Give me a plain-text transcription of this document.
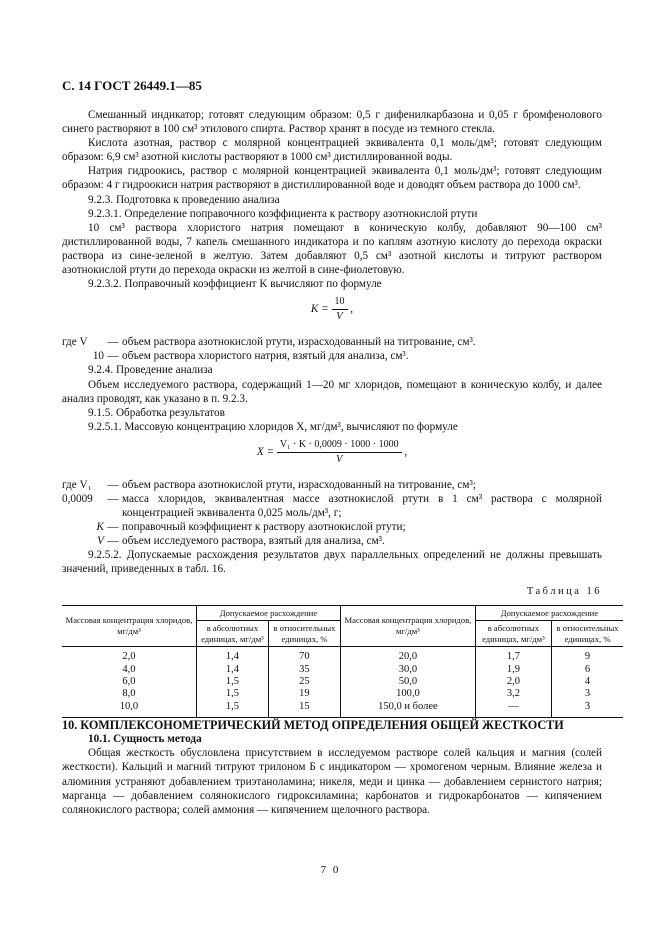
С. 14 ГОСТ 26449.1—85

Смешанный индикатор; готовят следующим образом: 0,5 г дифенилкарбазона и 0,05 г бромфенолового синего растворяют в 100 см³ этилового спирта. Раствор хранят в посуде из темного стекла.

Кислота азотная, раствор с молярной концентрацией эквивалента 0,1 моль/дм³; готовят следующим образом: 6,9 см³ азотной кислоты растворяют в 1000 см³ дистиллированной воды.

Натрия гидроокись, раствор с молярной концентрацией эквивалента 0,1 моль/дм³; готовят следующим образом: 4 г гидроокиси натрия растворяют в дистиллированной воде и доводят объем раствора до 1000 см³.

9.2.3. Подготовка к проведению анализа

9.2.3.1. Определение поправочного коэффициента к раствору азотнокислой ртути

10 см³ раствора хлористого натрия помещают в коническую колбу, добавляют 90—100 см³ дистиллированной воды, 7 капель смешанного индикатора и по каплям азотную кислоту до перехода окраски раствора из сине-зеленой в желтую. Затем добавляют 0,5 см³ азотной кислоты и титруют раствором азотнокислой ртути до перехода окраски из желтой в сине-фиолетовую.

9.2.3.2. Поправочный коэффициент K вычисляют по формуле

$K = \frac{10}{V}$ ,
где V	— объем раствора азотнокислой ртути, израсходованный на титрование, см³.
10 — объем раствора хлористого натрия, взятый для анализа, см³.

9.2.4. Проведение анализа

Объем исследуемого раствора, содержащий 1—20 мг хлоридов, помещают в коническую колбу, и далее анализ проводят, как указано в п. 9.2.3.

9.1.5. Обработка результатов

9.2.5.1. Массовую концентрацию хлоридов X, мг/дм³, вычисляют по формуле

$X = \frac{\text{V₁ · K · 0,0009 · 1000 · 1000}}{V}$ ,
где V₁	— объем раствора азотнокислой ртути, израсходованный на титрование, см³;
0,0009	— масса хлоридов, эквивалентная массе азотнокислой ртути в 1 см³ раствора с молярной концентрацией эквивалента 0,025 моль/дм³, г;
K — поправочный коэффициент к раствору азотнокислой ртути;
V — объем исследуемого раствора, взятый для анализа, см³.

9.2.5.2. Допускаемые расхождения результатов двух параллельных определений не должны превышать значений, приведенных в табл. 16.

Таблица 16
Массовая концентрация хлоридов, мг/дм³	Допускаемое расхождение		Массовая концентрация хлоридов, мг/дм³	Допускаемое расхождение	
	в абсолютных единицах, мг/дм³	в относительных единицах, %		в абсолютных единицах, мг/дм³	в относительных единицах, %
2,0	1,4	70	20,0	1,7	9
4,0	1,4	35	30,0	1,9	6
6,0	1,5	25	50,0	2,0	4
8,0	1,5	19	100,0	3,2	3
10,0	1,5	15	150,0 и более	—	3

10. КОМПЛЕКСОНОМЕТРИЧЕСКИЙ МЕТОД ОПРЕДЕЛЕНИЯ ОБЩЕЙ ЖЕСТКОСТИ

10.1. Сущность метода

Общая жесткость обусловлена присутствием в исследуемом растворе солей кальция и магния (солей жесткости). Кальций и магний титруют трилоном Б с индикатором — хромогеном черным. Влияние железа и алюминия устраняют добавлением триэтаноламина; никеля, меди и цинка — добавлением сернистого натрия; марганца — добавлением солянокислого гидроксиламина; карбонатов и гидрокарбонатов — кипячением солянокислого раствора; солей аммония — кипячением щелочного раствора.

7 0
